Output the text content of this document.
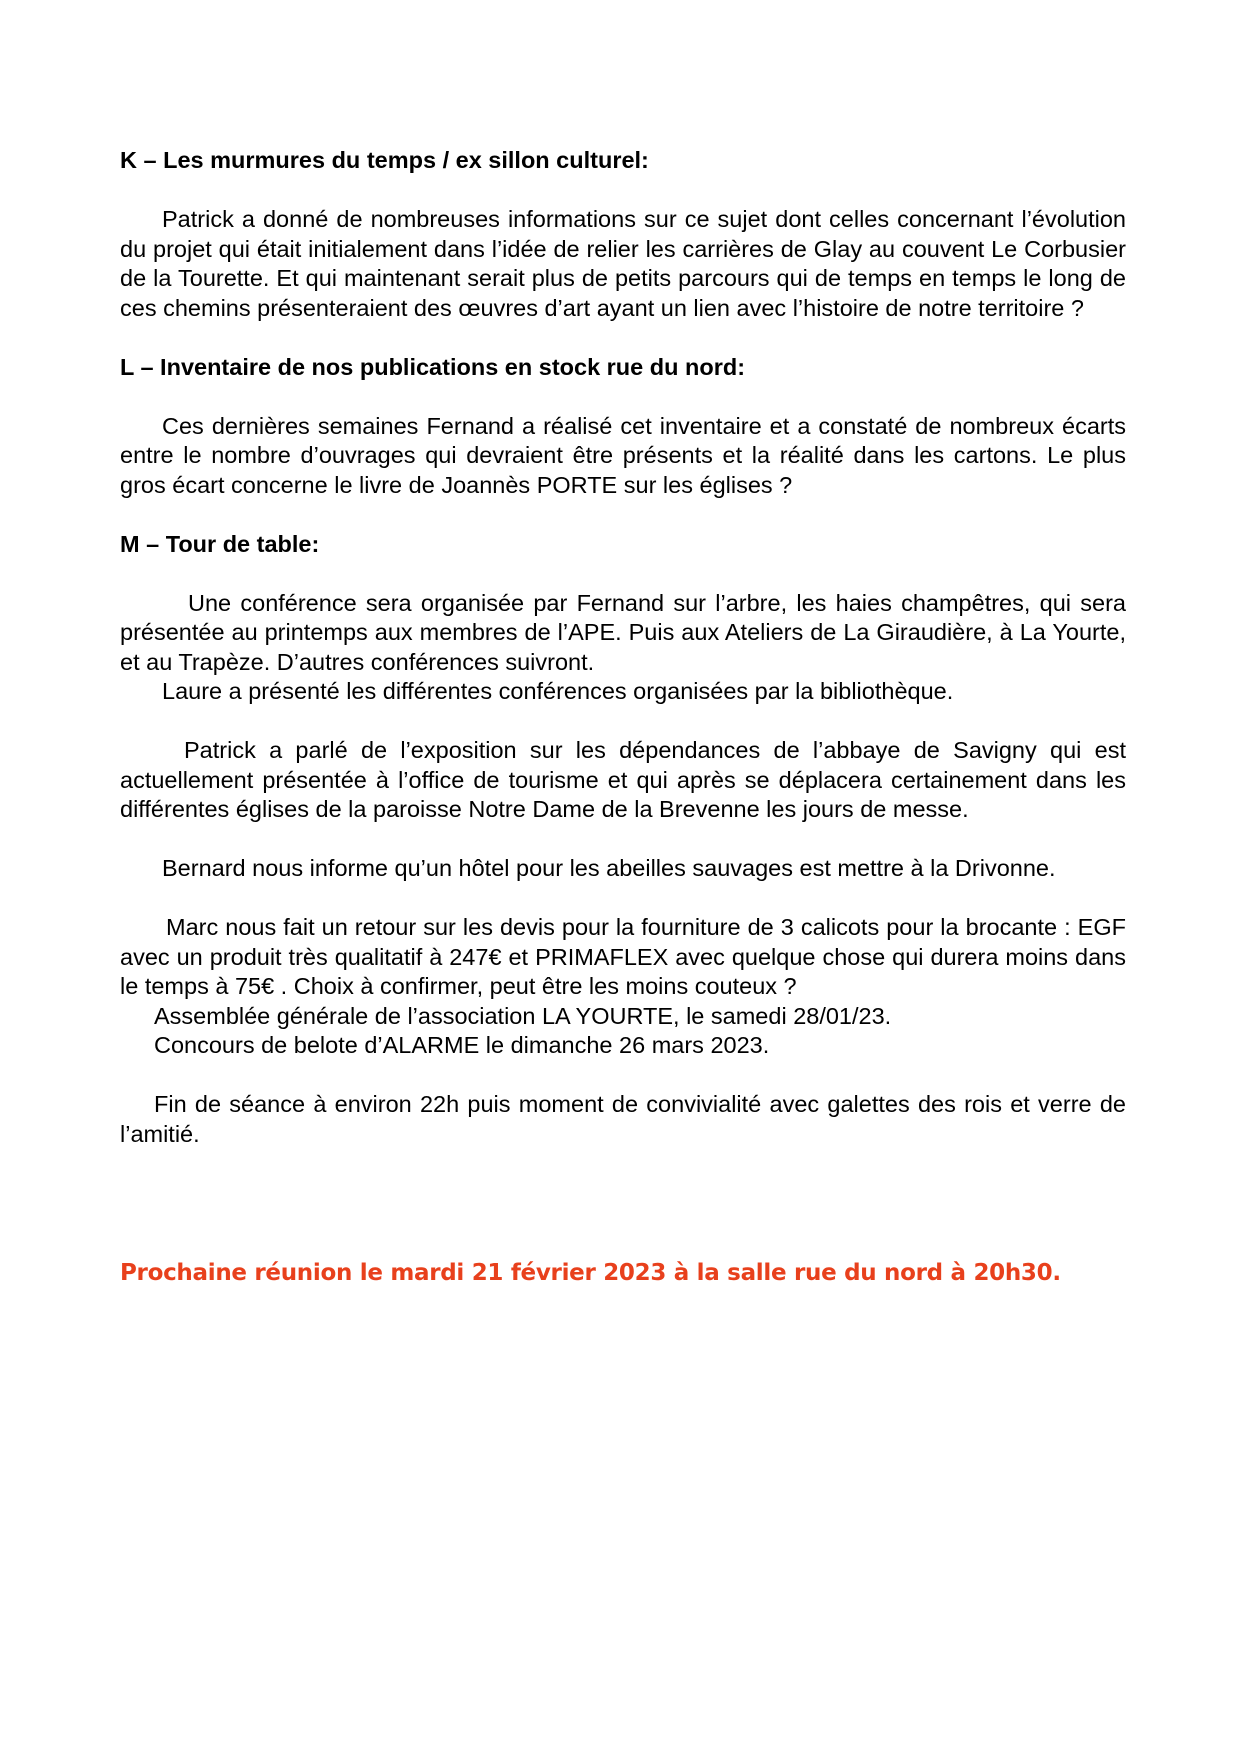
K – Les murmures du temps / ex sillon culturel:

Patrick a donné de nombreuses informations sur ce sujet dont celles concernant l’évolution du projet qui était initialement dans l’idée de relier les carrières de Glay au couvent Le Corbusier de la Tourette. Et qui maintenant serait plus de petits parcours qui de temps en temps le long de ces chemins présenteraient des œuvres d’art ayant un lien avec l’histoire de notre territoire ?

L – Inventaire de nos publications en stock rue du nord:

Ces dernières semaines Fernand a réalisé cet inventaire et a constaté de nombreux écarts entre le nombre d’ouvrages qui devraient être présents et la réalité dans les cartons. Le plus gros écart concerne le livre de Joannès PORTE sur les églises ?

M – Tour de table:

Une conférence sera organisée par Fernand sur l’arbre, les haies champêtres, qui sera présentée au printemps aux membres de l’APE. Puis aux Ateliers de La Giraudière, à La Yourte, et au Trapèze. D’autres conférences suivront.

Laure a présenté les différentes conférences organisées par la bibliothèque.

Patrick a parlé de l’exposition sur les dépendances de l’abbaye de Savigny qui est actuellement présentée à l’office de tourisme et qui après se déplacera certainement dans les différentes églises de la paroisse Notre Dame de la Brevenne les jours de messe.

Bernard nous informe qu’un hôtel pour les abeilles sauvages est mettre à la Drivonne.

Marc nous fait un retour sur les devis pour la fourniture de 3 calicots pour la brocante : EGF avec un produit très qualitatif à 247€ et PRIMAFLEX avec quelque chose qui durera moins dans le temps à 75€ . Choix à confirmer, peut être les moins couteux ?

Assemblée générale de l’association LA YOURTE, le samedi 28/01/23.

Concours de belote d’ALARME le dimanche 26 mars 2023.

Fin de séance à environ 22h puis moment de convivialité avec galettes des rois et verre de l’amitié.

Prochaine réunion le mardi 21 février 2023 à la salle rue du nord à 20h30.
